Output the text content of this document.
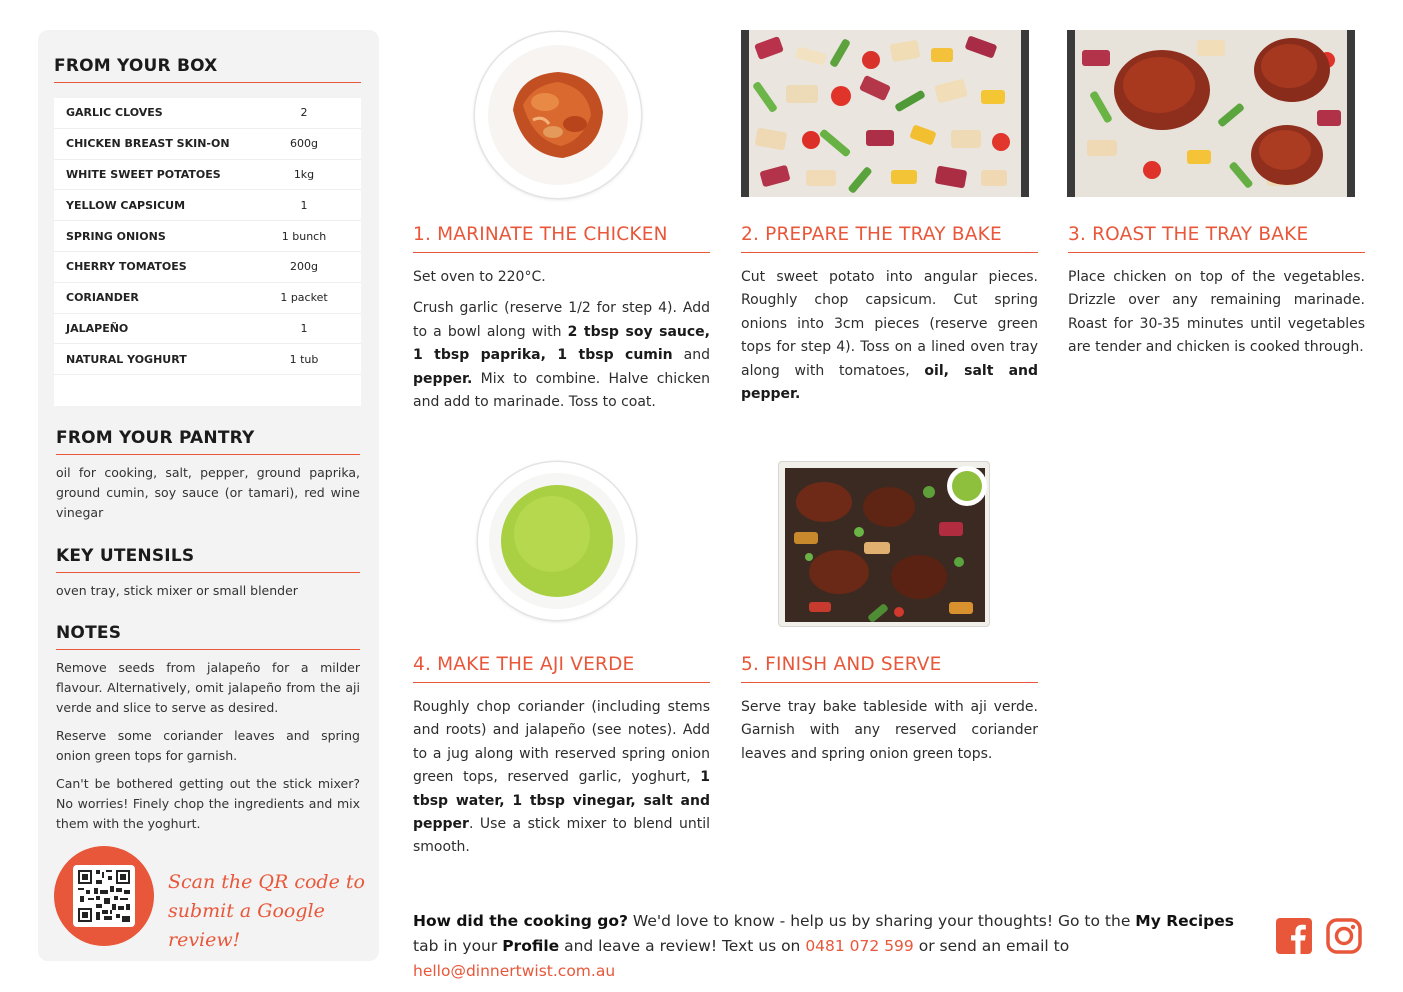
FROM YOUR BOX
GARLIC CLOVES	2
CHICKEN BREAST SKIN-ON	600g
WHITE SWEET POTATOES	1kg
YELLOW CAPSICUM	1
SPRING ONIONS	1 bunch
CHERRY TOMATOES	200g
CORIANDER	1 packet
JALAPEÑO	1
NATURAL YOGHURT	1 tub
FROM YOUR PANTRY
oil for cooking, salt, pepper, ground paprika, ground cumin, soy sauce (or tamari), red wine vinegar
KEY UTENSILS
oven tray, stick mixer or small blender
NOTES

Remove seeds from jalapeño for a milder flavour. Alternatively, omit jalapeño from the aji verde and slice to serve as desired.

Reserve some coriander leaves and spring onion green tops for garnish.

Can't be bothered getting out the stick mixer? No worries! Finely chop the ingredients and mix them with the yoghurt.

Scan the QR code to
submit a Google review!
1. MARINATE THE CHICKEN
Set oven to 220°C.
Crush garlic (reserve 1/2 for step 4). Add to a bowl along with 2 tbsp soy sauce, 1 tbsp paprika, 1 tbsp cumin and pepper. Mix to combine. Halve chicken and add to marinade. Toss to coat.
2. PREPARE THE TRAY BAKE
Cut sweet potato into angular pieces. Roughly chop capsicum. Cut spring onions into 3cm pieces (reserve green tops for step 4). Toss on a lined oven tray along with tomatoes, oil, salt and pepper.
3. ROAST THE TRAY BAKE
Place chicken on top of the vegetables. Drizzle over any remaining marinade. Roast for 30-35 minutes until vegetables are tender and chicken is cooked through.
4. MAKE THE AJI VERDE
Roughly chop coriander (including stems and roots) and jalapeño (see notes). Add to a jug along with reserved spring onion green tops, reserved garlic, yoghurt, 1 tbsp water, 1 tbsp vinegar, salt and pepper. Use a stick mixer to blend until smooth.
5. FINISH AND SERVE
Serve tray bake tableside with aji verde. Garnish with any reserved coriander leaves and spring onion green tops.
How did the cooking go? We'd love to know - help us by sharing your thoughts! Go to the My Recipes tab in your Profile and leave a review! Text us on 0481 072 599 or send an email to hello@dinnertwist.com.au
